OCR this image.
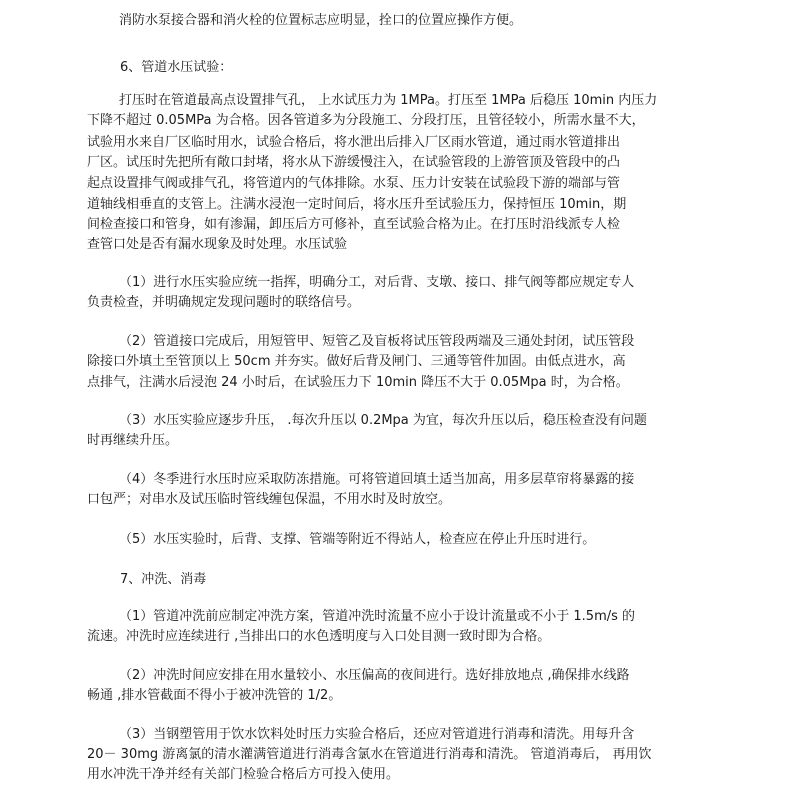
消防水泵接合器和消火栓的位置标志应明显，拴口的位置应操作方便。
6、管道水压试验：
打压时在管道最高点设置排气孔， 上水试压力为 1MPa。打压至 1MPa 后稳压 10min 内压力
下降不超过 0.05MPa 为合格。因各管道多为分段施工、分段打压，且管径较小，所需水量不大，
试验用水来自厂区临时用水，试验合格后，将水泄出后排入厂区雨水管道，通过雨水管道排出
厂区。试压时先把所有敞口封堵，将水从下游缓慢注入，在试验管段的上游管顶及管段中的凸
起点设置排气阀或排气孔，将管道内的气体排除。水泵、压力计安装在试验段下游的端部与管
道轴线相垂直的支管上。注满水浸泡一定时间后，将水压升至试验压力，保持恒压 10min，期
间检查接口和管身，如有渗漏，卸压后方可修补，直至试验合格为止。在打压时沿线派专人检
查管口处是否有漏水现象及时处理。水压试验
（1）进行水压实验应统一指挥，明确分工，对后背、支墩、接口、排气阀等都应规定专人
负责检查，并明确规定发现问题时的联络信号。
（2）管道接口完成后，用短管甲、短管乙及盲板将试压管段两端及三通处封闭，试压管段
除接口外填土至管顶以上 50cm 并夯实。做好后背及闸门、三通等管件加固。由低点进水，高
点排气，注满水后浸泡 24 小时后，在试验压力下 10min 降压不大于 0.05Mpa 时，为合格。
（3）水压实验应逐步升压， .每次升压以 0.2Mpa 为宜，每次升压以后，稳压检查没有问题
时再继续升压。
（4）冬季进行水压时应采取防冻措施。可将管道回填土适当加高，用多层草帘将暴露的接
口包严；对串水及试压临时管线缠包保温，不用水时及时放空。
（5）水压实验时，后背、支撑、管端等附近不得站人，检查应在停止升压时进行。
7、冲洗、消毒
（1）管道冲洗前应制定冲洗方案，管道冲洗时流量不应小于设计流量或不小于 1.5m/s 的
流速。冲洗时应连续进行 ,当排出口的水色透明度与入口处目测一致时即为合格。
（2）冲洗时间应安排在用水量较小、水压偏高的夜间进行。选好排放地点 ,确保排水线路
畅通 ,排水管截面不得小于被冲洗管的 1/2。
（3）当钢塑管用于饮水饮料处时压力实验合格后，还应对管道进行消毒和清洗。用每升含
20－ 30mg 游离氯的清水灌满管道进行消毒含氯水在管道进行消毒和清洗。 管道消毒后， 再用饮
用水冲洗干净并经有关部门检验合格后方可投入使用。
